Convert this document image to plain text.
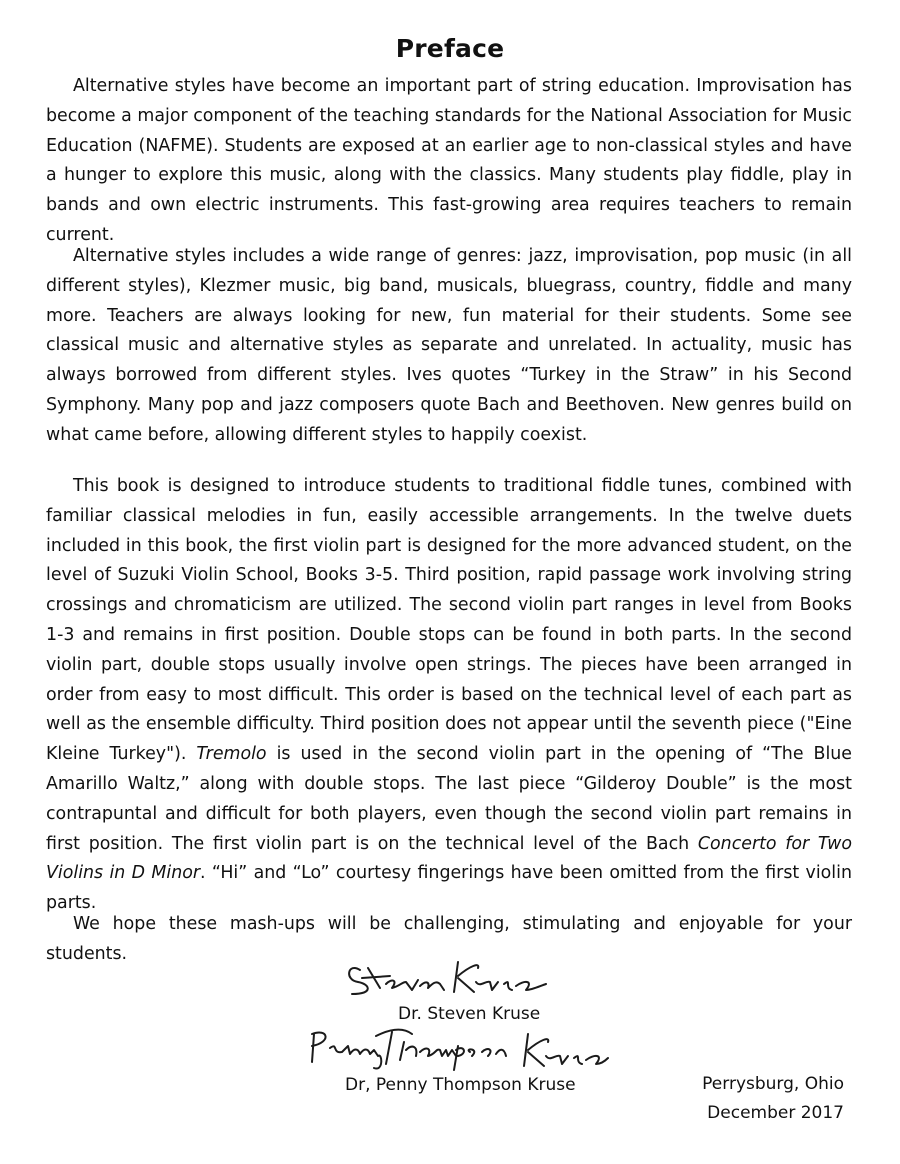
Preface

Alternative styles have become an important part of string education. Improvisation has become a major component of the teaching standards for the National Association for Music Education (NAFME). Students are exposed at an earlier age to non-classical styles and have a hunger to explore this music, along with the classics. Many students play fiddle, play in bands and own electric instruments. This fast-growing area requires teachers to remain current.

Alternative styles includes a wide range of genres: jazz, improvisation, pop music (in all different styles), Klezmer music, big band, musicals, bluegrass, country, fiddle and many more. Teachers are always looking for new, fun material for their students. Some see classical music and alternative styles as separate and unrelated. In actuality, music has always borrowed from different styles. Ives quotes “Turkey in the Straw” in his Second Symphony. Many pop and jazz composers quote Bach and Beethoven. New genres build on what came before, allowing different styles to happily coexist.

This book is designed to introduce students to traditional fiddle tunes, combined with familiar classical melodies in fun, easily accessible arrangements. In the twelve duets included in this book, the first violin part is designed for the more advanced student, on the level of Suzuki Violin School, Books 3-5. Third position, rapid passage work involving string crossings and chromaticism are utilized. The second violin part ranges in level from Books 1-3 and remains in first position. Double stops can be found in both parts. In the second violin part, double stops usually involve open strings. The pieces have been arranged in order from easy to most difficult. This order is based on the technical level of each part as well as the ensemble difficulty. Third position does not appear until the seventh piece ("Eine Kleine Turkey"). Tremolo is used in the second violin part in the opening of “The Blue Amarillo Waltz,” along with double stops. The last piece “Gilderoy Double” is the most contrapuntal and difficult for both players, even though the second violin part remains in first position. The first violin part is on the technical level of the Bach Concerto for Two Violins in D Minor. “Hi” and “Lo” courtesy fingerings have been omitted from the first violin parts.

We hope these mash-ups will be challenging, stimulating and enjoyable for your students.

Dr. Steven Kruse
Dr, Penny Thompson Kruse	Perrysburg, Ohio
December 2017
